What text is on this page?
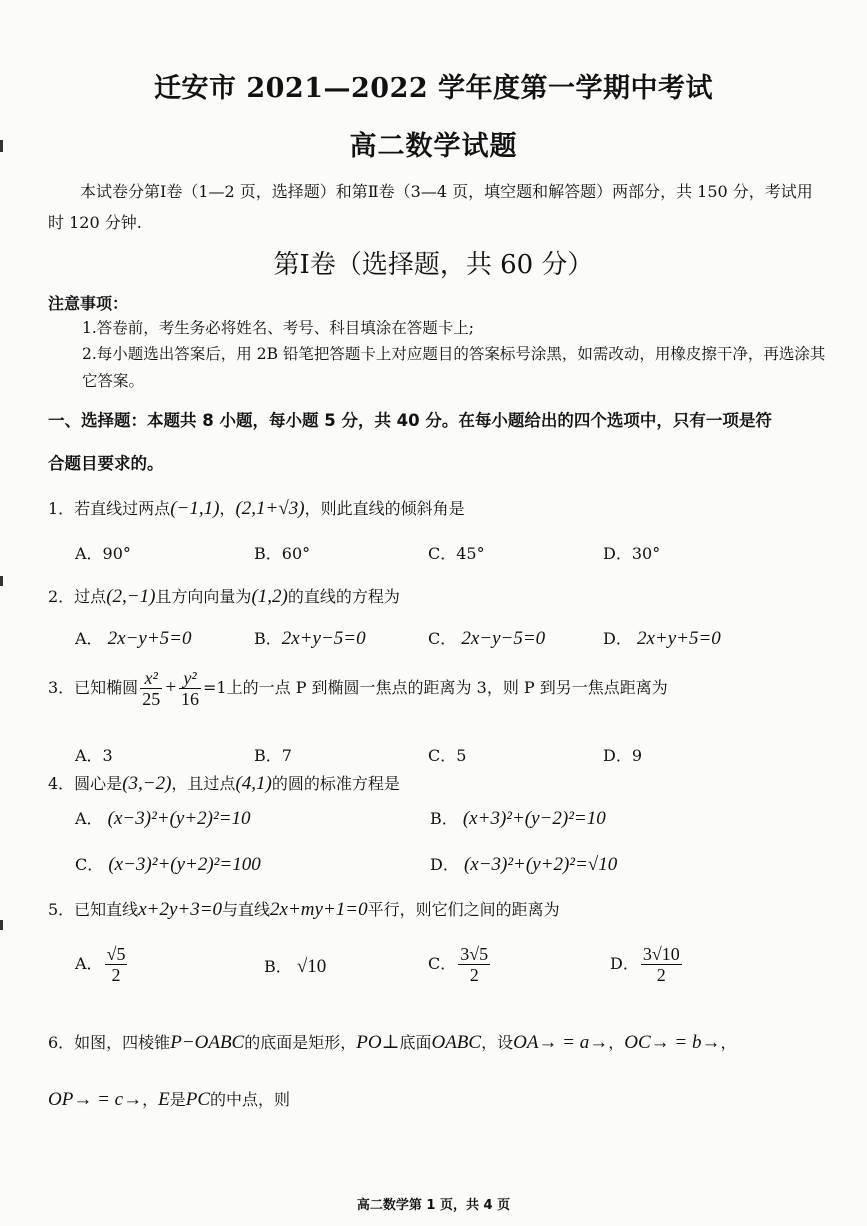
迁安市 2021—2022 学年度第一学期中考试
高二数学试题
本试卷分第Ⅰ卷（1—2 页，选择题）和第Ⅱ卷（3—4 页，填空题和解答题）两部分，共 150 分，考试用时 120 分钟.
第Ⅰ卷（选择题，共 60 分）
注意事项：
1.答卷前，考生务必将姓名、考号、科目填涂在答题卡上;
2.每小题选出答案后，用 2B 铅笔把答题卡上对应题目的答案标号涂黑，如需改动，用橡皮擦干净，再选涂其它答案。
一、选择题：本题共 8 小题，每小题 5 分，共 40 分。在每小题给出的四个选项中，只有一项是符
合题目要求的。
1．若直线过两点(−1,1)，(2,1+√3)，则此直线的倾斜角是
A．90°	B．60°	C．45°	D．30°
2．过点(2,−1)且方向向量为(1,2)的直线的方程为
A． 2x−y+5=0	B．2x+y−5=0	C． 2x−y−5=0	D． 2x+y+5=0
3．已知椭圆 $\frac{\text{x²}}{25} + \frac{\text{y²}}{16} =1$上的一点 P 到椭圆一焦点的距离为 3，则 P 到另一焦点距离为
A．3	B．7	C．5	D．9
4．圆心是(3,−2)，且过点(4,1)的圆的标准方程是
A． (x−3)²+(y+2)²=10	B． (x+3)²+(y−2)²=10
C． (x−3)²+(y+2)²=100	D． (x−3)²+(y+2)²=√10
5．已知直线x+2y+3=0与直线2x+my+1=0平行，则它们之间的距离为
A． $\frac{√5}{2}$	B． √10	C． $\frac{3√5}{2}$	D． $\frac{3√10}{2}$
6．如图，四棱锥P−OABC的底面是矩形，PO⊥底面OABC，设OA→ = a→，OC→ = b→，
OP→ = c→，E是PC的中点，则
高二数学第 1 页，共 4 页
